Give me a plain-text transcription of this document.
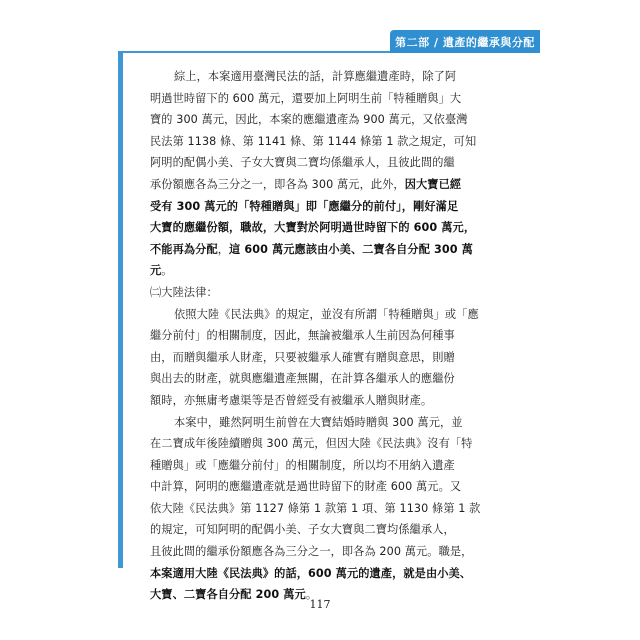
第二部 / 遺產的繼承與分配
綜上，本案適用臺灣民法的話，計算應繼遺產時，除了阿
明過世時留下的 600 萬元，還要加上阿明生前「特種贈與」大
寶的 300 萬元，因此，本案的應繼遺產為 900 萬元，又依臺灣
民法第 1138 條、第 1141 條、第 1144 條第 1 款之規定，可知
阿明的配偶小美、子女大寶與二寶均係繼承人，且彼此間的繼
承份額應各為三分之一，即各為 300 萬元，此外，因大寶已經
受有 300 萬元的「特種贈與」即「應繼分的前付」，剛好滿足
大寶的應繼份額，職故，大寶對於阿明過世時留下的 600 萬元，
不能再為分配，這 600 萬元應該由小美、二寶各自分配 300 萬
元。
㈡大陸法律：
依照大陸《民法典》的規定，並沒有所謂「特種贈與」或「應
繼分前付」的相關制度，因此，無論被繼承人生前因為何種事
由，而贈與繼承人財產，只要被繼承人確實有贈與意思，則贈
與出去的財產，就與應繼遺產無關，在計算各繼承人的應繼份
額時，亦無庸考慮渠等是否曾經受有被繼承人贈與財產。
本案中，雖然阿明生前曾在大寶結婚時贈與 300 萬元，並
在二寶成年後陸續贈與 300 萬元，但因大陸《民法典》沒有「特
種贈與」或「應繼分前付」的相關制度，所以均不用納入遺產
中計算，阿明的應繼遺產就是過世時留下的財產 600 萬元。又
依大陸《民法典》第 1127 條第 1 款第 1 項、第 1130 條第 1 款
的規定，可知阿明的配偶小美、子女大寶與二寶均係繼承人，
且彼此間的繼承份額應各為三分之一，即各為 200 萬元。職是，
本案適用大陸《民法典》的話，600 萬元的遺產，就是由小美、
大寶、二寶各自分配 200 萬元。
117
